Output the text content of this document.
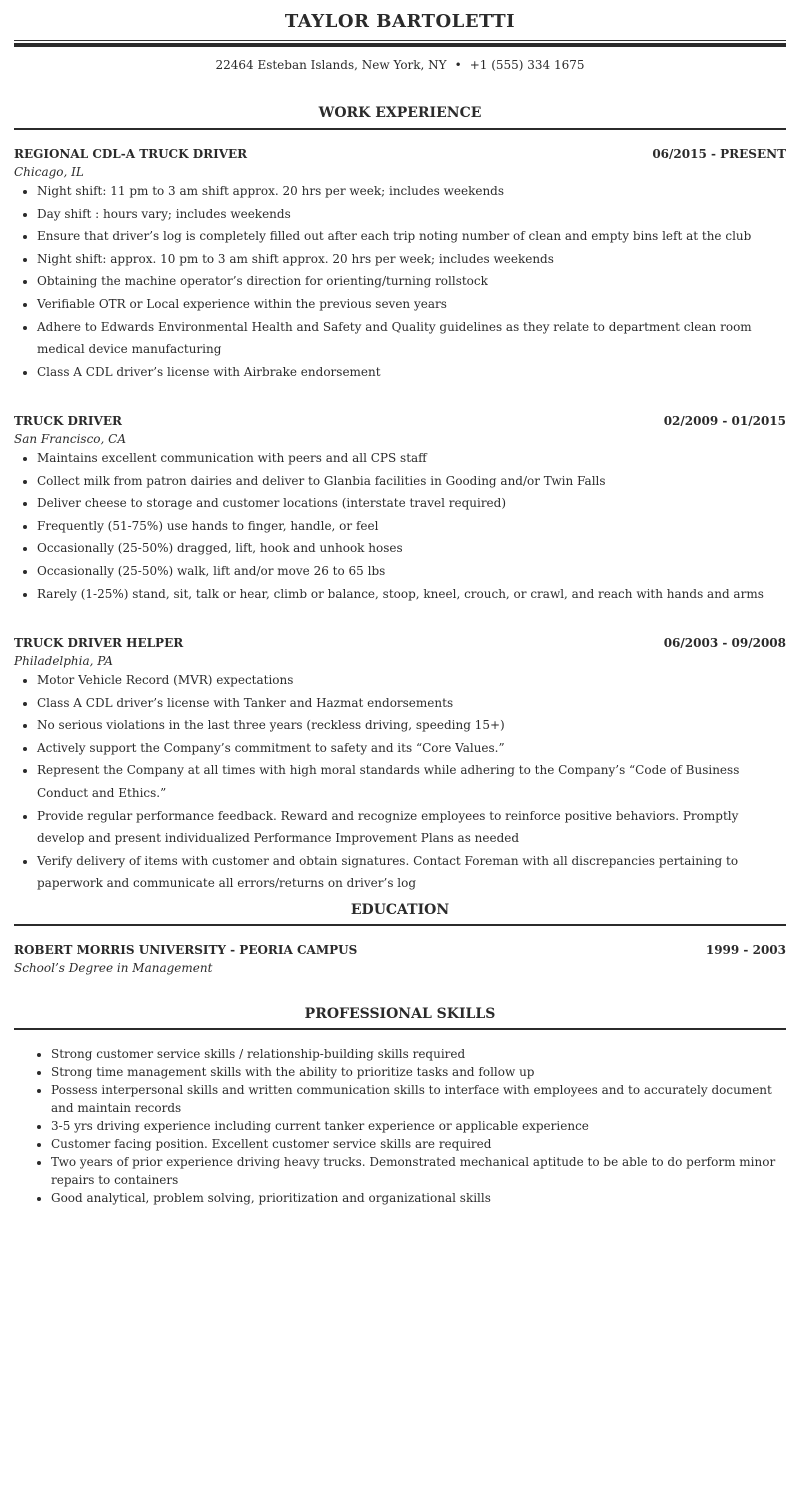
TAYLOR BARTOLETTI
22464 Esteban Islands, New York, NY • +1 (555) 334 1675
WORK EXPERIENCE
REGIONAL CDL-A TRUCK DRIVER	06/2015 - PRESENT
Chicago, IL
• Night shift: 11 pm to 3 am shift approx. 20 hrs per week; includes weekends
• Day shift : hours vary; includes weekends
• Ensure that driver’s log is completely filled out after each trip noting number of clean and empty bins left at the club
• Night shift: approx. 10 pm to 3 am shift approx. 20 hrs per week; includes weekends
• Obtaining the machine operator’s direction for orienting/turning rollstock
• Verifiable OTR or Local experience within the previous seven years
• Adhere to Edwards Environmental Health and Safety and Quality guidelines as they relate to department clean room medical device manufacturing
• Class A CDL driver’s license with Airbrake endorsement
TRUCK DRIVER	02/2009 - 01/2015
San Francisco, CA
• Maintains excellent communication with peers and all CPS staff
• Collect milk from patron dairies and deliver to Glanbia facilities in Gooding and/or Twin Falls
• Deliver cheese to storage and customer locations (interstate travel required)
• Frequently (51-75%) use hands to finger, handle, or feel
• Occasionally (25-50%) dragged, lift, hook and unhook hoses
• Occasionally (25-50%) walk, lift and/or move 26 to 65 lbs
• Rarely (1-25%) stand, sit, talk or hear, climb or balance, stoop, kneel, crouch, or crawl, and reach with hands and arms
TRUCK DRIVER HELPER	06/2003 - 09/2008
Philadelphia, PA
• Motor Vehicle Record (MVR) expectations
• Class A CDL driver’s license with Tanker and Hazmat endorsements
• No serious violations in the last three years (reckless driving, speeding 15+)
• Actively support the Company’s commitment to safety and its “Core Values.”
• Represent the Company at all times with high moral standards while adhering to the Company’s “Code of Business Conduct and Ethics.”
• Provide regular performance feedback. Reward and recognize employees to reinforce positive behaviors. Promptly develop and present individualized Performance Improvement Plans as needed
• Verify delivery of items with customer and obtain signatures. Contact Foreman with all discrepancies pertaining to paperwork and communicate all errors/returns on driver’s log
EDUCATION
ROBERT MORRIS UNIVERSITY - PEORIA CAMPUS	1999 - 2003
School’s Degree in Management
PROFESSIONAL SKILLS
• Strong customer service skills / relationship-building skills required
• Strong time management skills with the ability to prioritize tasks and follow up
• Possess interpersonal skills and written communication skills to interface with employees and to accurately document and maintain records
• 3-5 yrs driving experience including current tanker experience or applicable experience
• Customer facing position. Excellent customer service skills are required
• Two years of prior experience driving heavy trucks. Demonstrated mechanical aptitude to be able to do perform minor repairs to containers
• Good analytical, problem solving, prioritization and organizational skills
